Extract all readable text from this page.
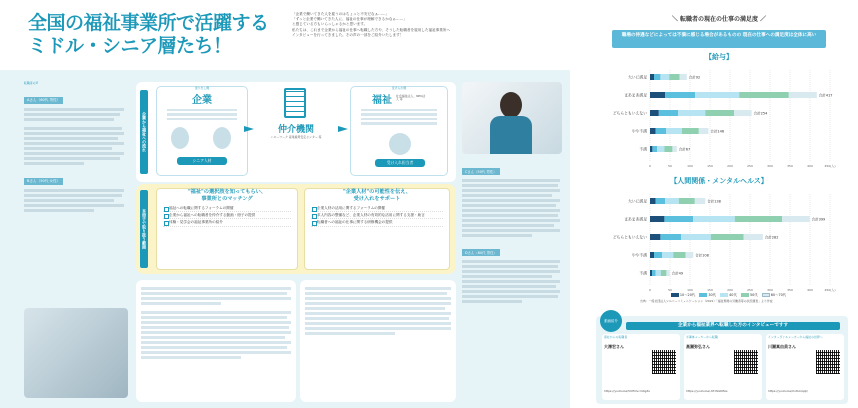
全国の福祉事業所で活躍する
ミドル・シニア層たち！
「企業で働いてきた人を雇うのはちょっと不安だなぁ……」
「ずっと企業で働いてきた人に、福祉の仕事が理解できるかなぁ……」
と感じている方もいらっしゃるかと思います。
私たちは、これまで企業から福祉の仕事へ転職した方や、そうした転職者を雇用した福祉事業所へ
インタビューを行ってきました。その声の一部をご紹介いたします！
転職者の声
Aさん（60代 男性）
Bさん（50代 女性）
企業から福祉への流れ
送り出し側
企業
シニア人材
仲介機関
ハローワーク 産業雇用安定センター 等
受け入れ側
福祉 社会福祉法人、NPO法人 等
受け入れ担当者
本冊子で取り扱う範囲
"福祉"の選択肢を知ってもらい、
事業所とのマッチング
福祉への転職に関するフォーラムの開催
企業から福祉への転職者を仲介する動画・冊子の提供
体験・見学会の福祉事業所の紹介
"企業人材"の可能性を伝え、
受け入れをサポート
企業人材の活用に関するフォーラムの開催
求人内容の整備など、企業人材の有効的な活用に関する支援・助言
転職者への福祉の仕事に関する研修機会の提供
Cさん（50代 男性）
Dさん（60代 男性）
＼ 転職者の現在の仕事の満足度 ／
職場の待遇などによっては不満に感じる場合があるものの 現在の仕事への満足度は全体に高い
【給与】
【人間関係・メンタルヘルス】
0	50	100	150	200	250	300	350	400	450(人)
大いに満足	合計92
まあまあ満足	合計417
どちらともいえない	合計254
やや不満	合計146
不満	合計67
0	50	100	150	200	250	300	350	400	450(人)
大いに満足	合計138
まあまあ満足	合計399
どちらともいえない	合計282
やや不満	合計108
不満	合計49
10〜20代	30代	40代	50代	60〜70代
出典：一般社団法人シルバーコミュニケーション（2021）「福祉現場の労働者等の状況調査」より作成
動画紹介
企業から福祉業界へ転職した方のインタビューですす
商社からの転職者
大澤宏さん
https://youtu.be/5UHOvcm0gZs
半導体メーカーから転職
高瀬弥弘さん
https://youtu.be/-KT-WGtMAs
インターヴァルメーカーから福祉の世界へ
川瀬真由美さん
https://youtu.be/Ux8uUqqQ
